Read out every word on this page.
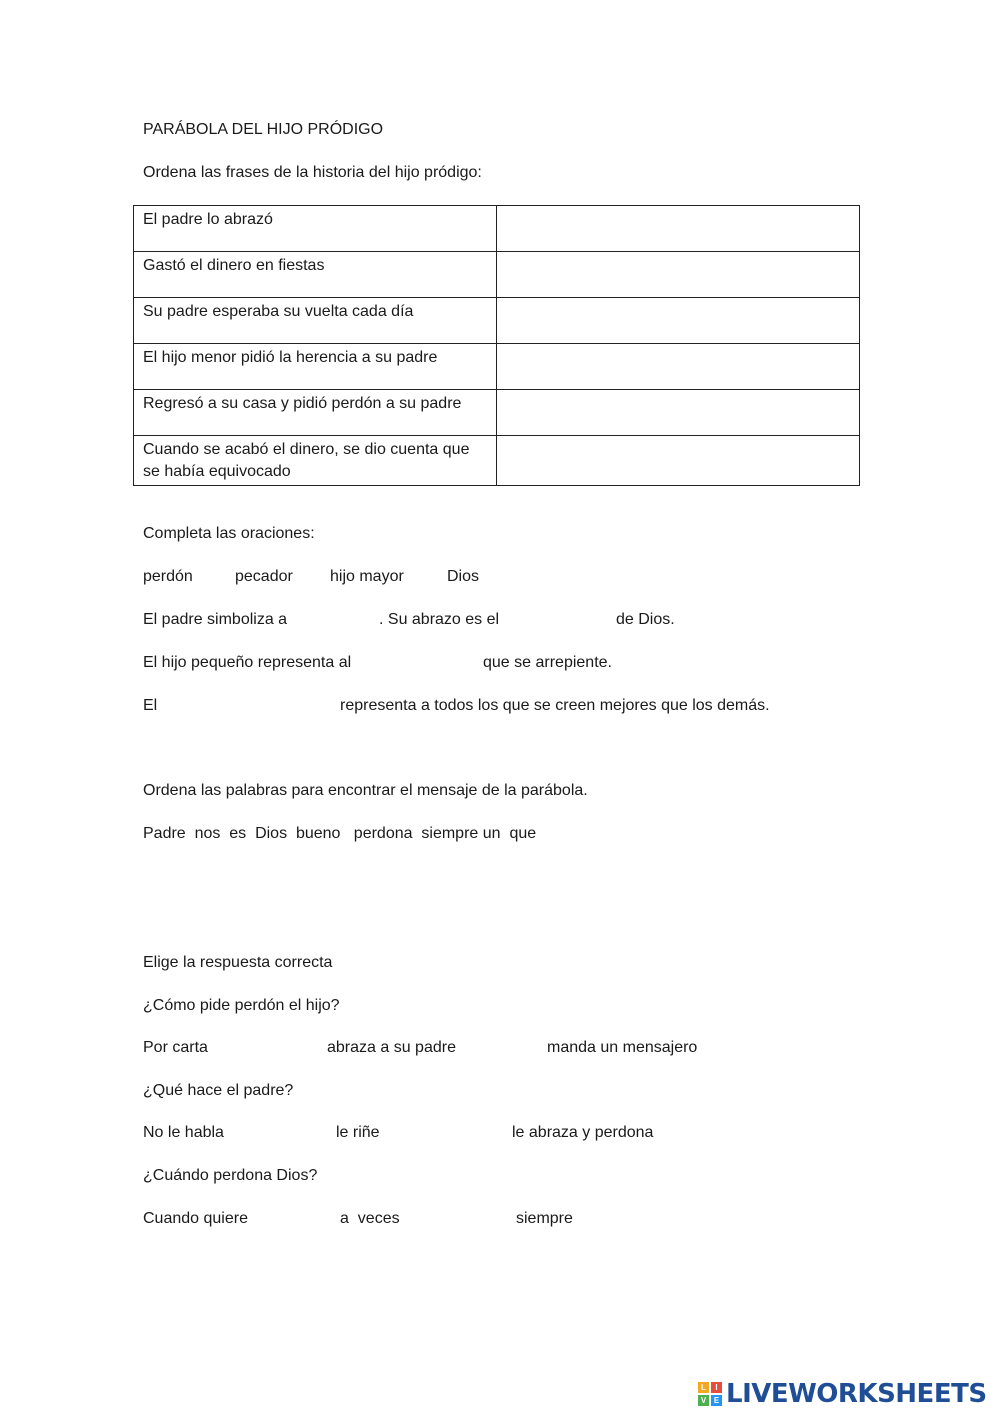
PARÁBOLA DEL HIJO PRÓDIGO
Ordena las frases de la historia del hijo pródigo:
El padre lo abrazó	
Gastó el dinero en fiestas	
Su padre esperaba su vuelta cada día	
El hijo menor pidió la herencia a su padre	
Regresó a su casa y pidió perdón a su padre	
Cuando se acabó el dinero, se dio cuenta que se había equivocado	
Completa las oraciones:
perdón	pecador hijo mayor	Dios
El padre simboliza a	. Su abrazo es el	de Dios.
El hijo pequeño representa al	que se arrepiente.
El	representa a todos los que se creen mejores que los demás.
Ordena las palabras para encontrar el mensaje de la parábola.
Padre  nos  es  Dios  bueno   perdona  siempre un  que
Elige la respuesta correcta
¿Cómo pide perdón el hijo?
Por carta	abraza a su padre	manda un mensajero
¿Qué hace el padre?
No le habla	le riñe	le abraza y perdona
¿Cuándo perdona Dios?
Cuando quiere	a  veces	siempre
L	I
V E LIVEWORKSHEETS
